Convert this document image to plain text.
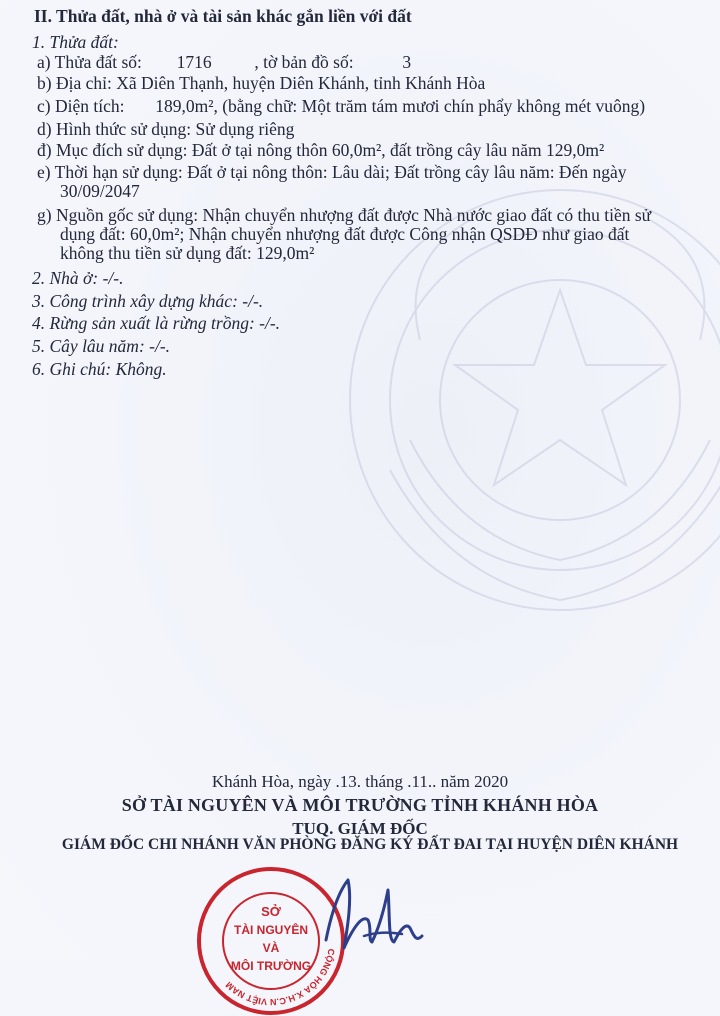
II. Thửa đất, nhà ở và tài sản khác gắn liền với đất
1. Thửa đất:
a) Thửa đất số: 1716 , tờ bản đồ số:	3
b) Địa chỉ: Xã Diên Thạnh, huyện Diên Khánh, tỉnh Khánh Hòa
c) Diện tích: 189,0m², (bằng chữ: Một trăm tám mươi chín phẩy không mét vuông)
d) Hình thức sử dụng: Sử dụng riêng
đ) Mục đích sử dụng: Đất ở tại nông thôn 60,0m², đất trồng cây lâu năm 129,0m²
e) Thời hạn sử dụng: Đất ở tại nông thôn: Lâu dài; Đất trồng cây lâu năm: Đến ngày
30/09/2047
g) Nguồn gốc sử dụng: Nhận chuyển nhượng đất được Nhà nước giao đất có thu tiền sử
dụng đất: 60,0m²; Nhận chuyển nhượng đất được Công nhận QSDĐ như giao đất
không thu tiền sử dụng đất: 129,0m²
2. Nhà ở: -/-.
3. Công trình xây dựng khác: -/-.
4. Rừng sản xuất là rừng trồng: -/-.
5. Cây lâu năm: -/-.
6. Ghi chú: Không.
Khánh Hòa, ngày .13. tháng .11.. năm 2020
SỞ TÀI NGUYÊN VÀ MÔI TRƯỜNG TỈNH KHÁNH HÒA
TUQ. GIÁM ĐỐC
GIÁM ĐỐC CHI NHÁNH VĂN PHÒNG ĐĂNG KÝ ĐẤT ĐAI TẠI HUYỆN DIÊN KHÁNH
CỘNG HÒA X.H.C.N VIỆT NAM
SỞ
TÀI NGUYÊN
VÀ
MÔI TRƯỜNG
